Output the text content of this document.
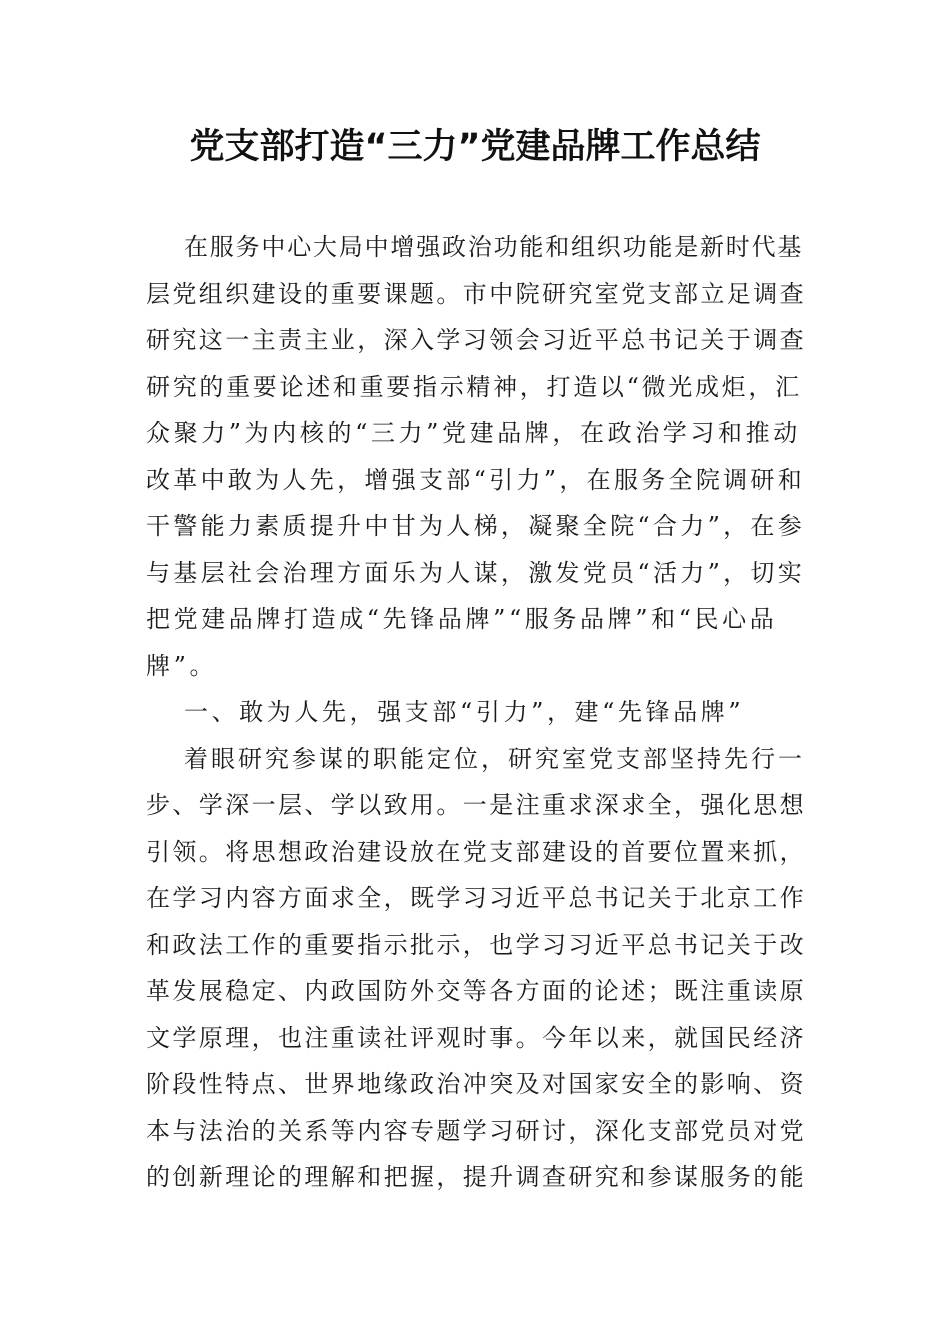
党支部打造“三力”党建品牌工作总结
在服务中心大局中增强政治功能和组织功能是新时代基
层党组织建设的重要课题。市中院研究室党支部立足调查
研究这一主责主业，深入学习领会习近平总书记关于调查
研究的重要论述和重要指示精神，打造以“微光成炬，汇
众聚力”为内核的“三力”党建品牌，在政治学习和推动
改革中敢为人先，增强支部“引力”，在服务全院调研和
干警能力素质提升中甘为人梯，凝聚全院“合力”，在参
与基层社会治理方面乐为人谋，激发党员“活力”，切实
把党建品牌打造成“先锋品牌”“服务品牌”和“民心品
牌”。
一、敢为人先，强支部“引力”，建“先锋品牌”
着眼研究参谋的职能定位，研究室党支部坚持先行一
步、学深一层、学以致用。一是注重求深求全，强化思想
引领。将思想政治建设放在党支部建设的首要位置来抓，
在学习内容方面求全，既学习习近平总书记关于北京工作
和政法工作的重要指示批示，也学习习近平总书记关于改
革发展稳定、内政国防外交等各方面的论述；既注重读原
文学原理，也注重读社评观时事。今年以来，就国民经济
阶段性特点、世界地缘政治冲突及对国家安全的影响、资
本与法治的关系等内容专题学习研讨，深化支部党员对党
的创新理论的理解和把握，提升调查研究和参谋服务的能
